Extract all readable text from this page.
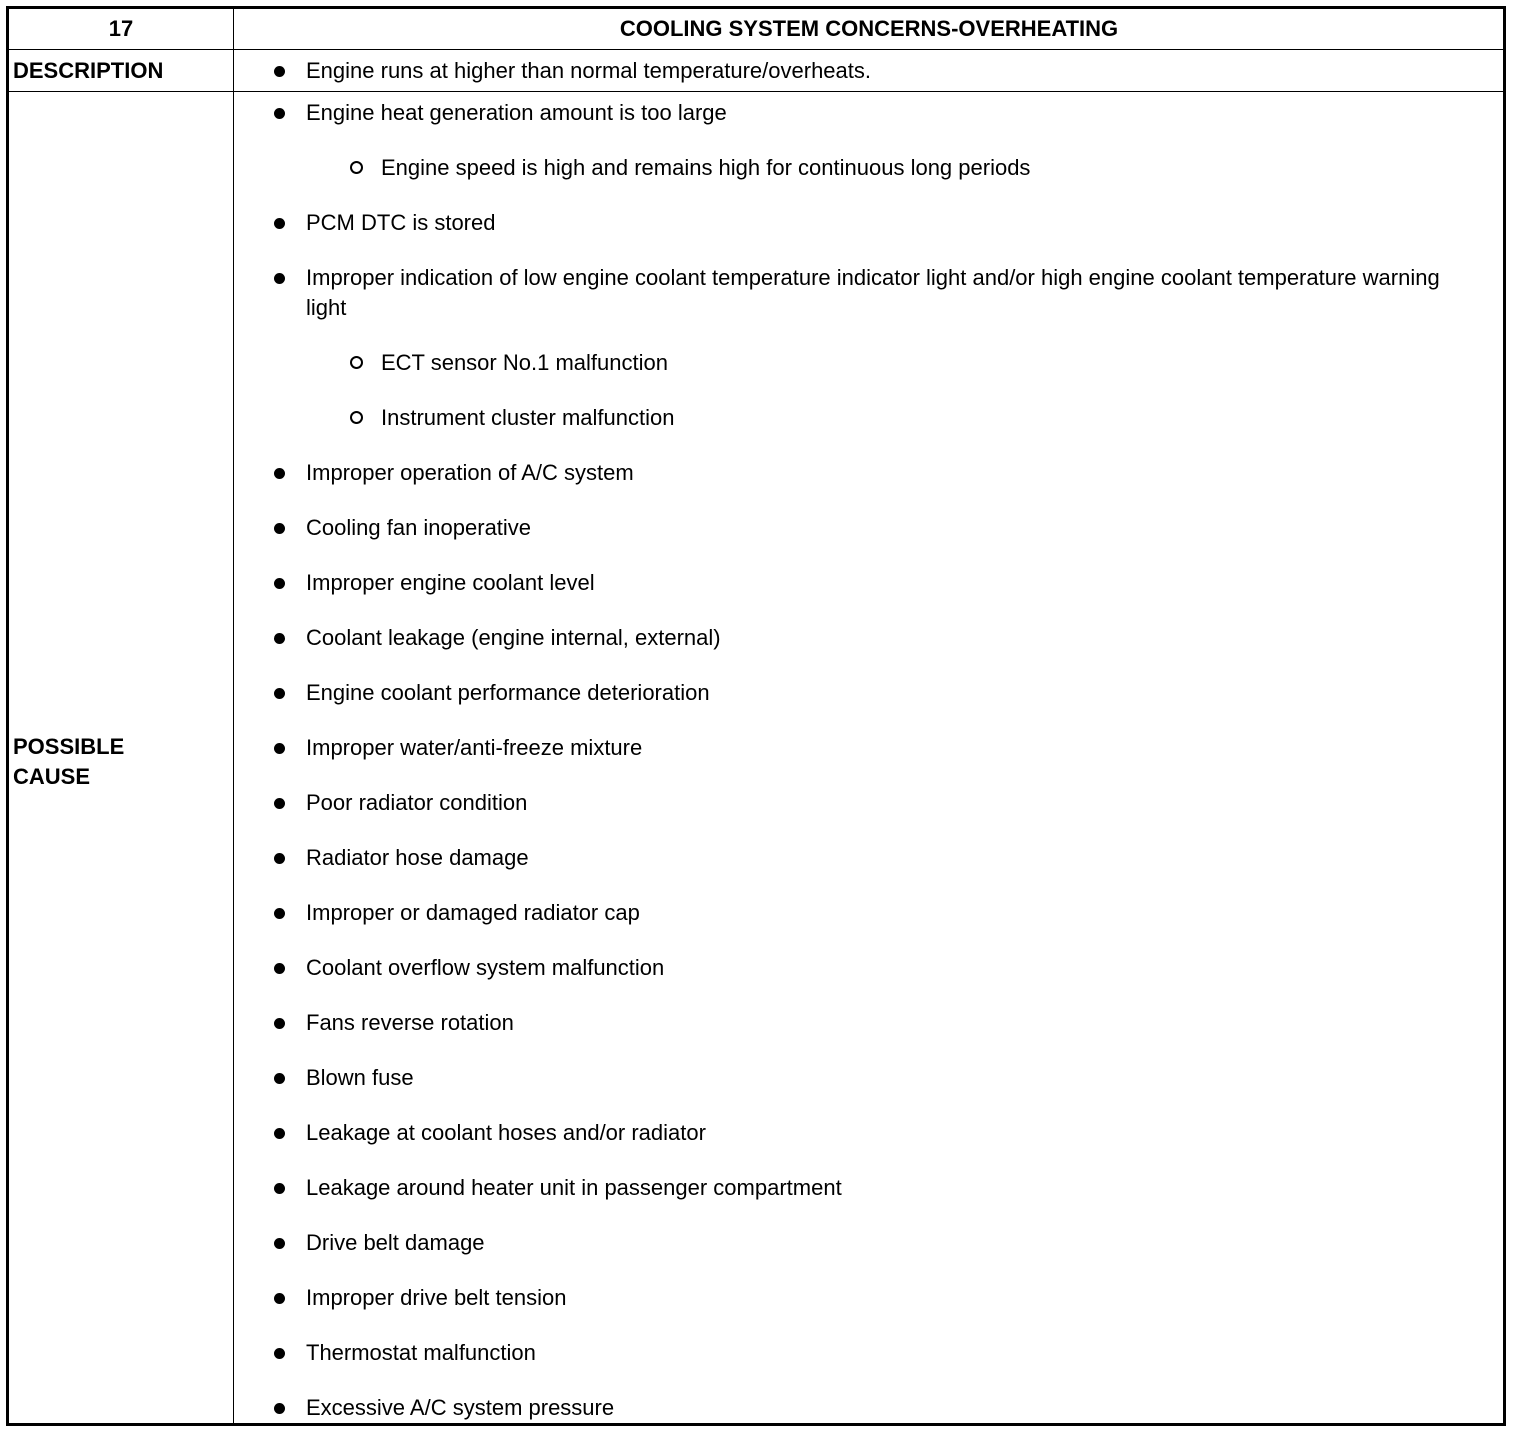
17	COOLING SYSTEM CONCERNS-OVERHEATING
DESCRIPTION
POSSIBLE
CAUSE
Engine runs at higher than normal temperature/overheats.
Engine heat generation amount is too large
Engine speed is high and remains high for continuous long periods
PCM DTC is stored
Improper indication of low engine coolant temperature indicator light and/or high engine coolant temperature warning light
ECT sensor No.1 malfunction
Instrument cluster malfunction
Improper operation of A/C system
Cooling fan inoperative
Improper engine coolant level
Coolant leakage (engine internal, external)
Engine coolant performance deterioration
Improper water/anti-freeze mixture
Poor radiator condition
Radiator hose damage
Improper or damaged radiator cap
Coolant overflow system malfunction
Fans reverse rotation
Blown fuse
Leakage at coolant hoses and/or radiator
Leakage around heater unit in passenger compartment
Drive belt damage
Improper drive belt tension
Thermostat malfunction
Excessive A/C system pressure
